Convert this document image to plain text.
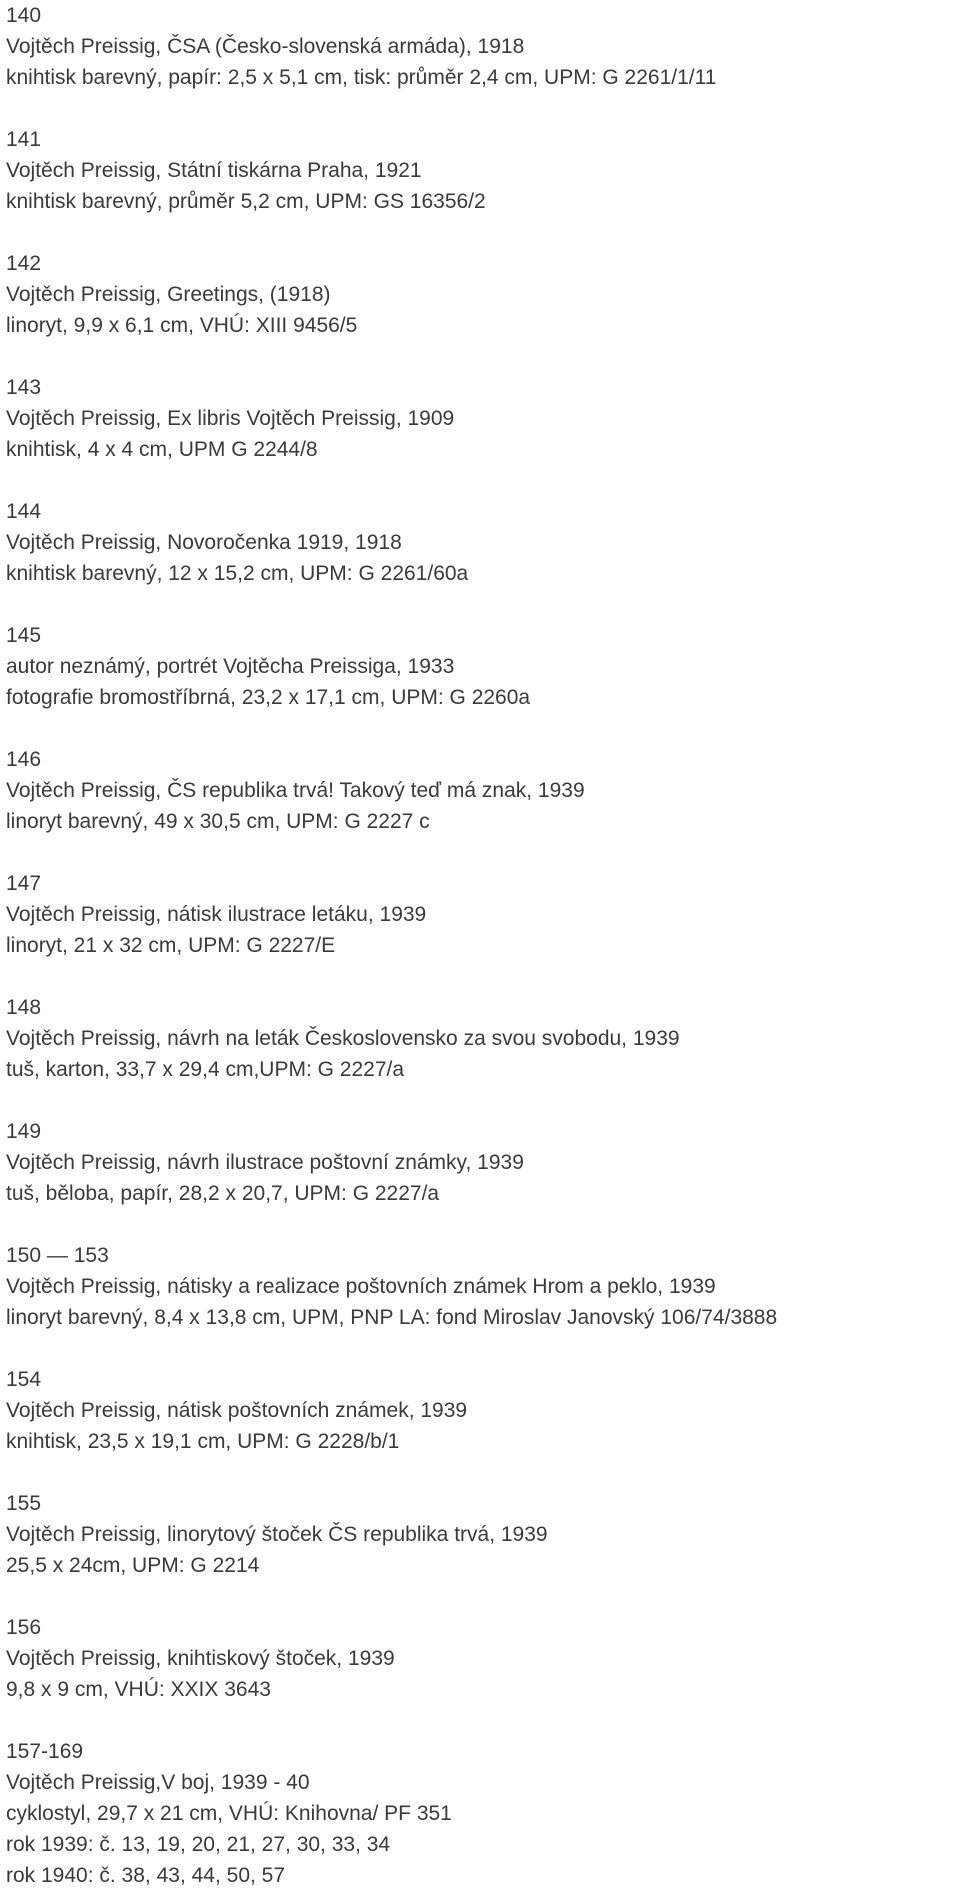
140
Vojtěch Preissig, ČSA (Česko-slovenská armáda), 1918
knihtisk barevný, papír: 2,5 x 5,1 cm, tisk: průměr 2,4 cm, UPM: G 2261/1/11
141
Vojtěch Preissig, Státní tiskárna Praha, 1921
knihtisk barevný, průměr 5,2 cm, UPM: GS 16356/2
142
Vojtěch Preissig, Greetings, (1918)
linoryt, 9,9 x 6,1 cm, VHÚ: XIII 9456/5
143
Vojtěch Preissig, Ex libris Vojtěch Preissig, 1909
knihtisk, 4 x 4 cm, UPM G 2244/8
144
Vojtěch Preissig, Novoročenka 1919, 1918
knihtisk barevný, 12 x 15,2 cm, UPM: G 2261/60a
145
autor neznámý, portrét Vojtěcha Preissiga, 1933
fotografie bromostříbrná, 23,2 x 17,1 cm, UPM: G 2260a
146
Vojtěch Preissig, ČS republika trvá! Takový teď má znak, 1939
linoryt barevný, 49 x 30,5 cm, UPM: G 2227 c
147
Vojtěch Preissig, nátisk ilustrace letáku, 1939
linoryt, 21 x 32 cm, UPM: G 2227/E
148
Vojtěch Preissig, návrh na leták Československo za svou svobodu, 1939
tuš, karton, 33,7 x 29,4 cm,UPM: G 2227/a
149
Vojtěch Preissig, návrh ilustrace poštovní známky, 1939
tuš, běloba, papír, 28,2 x 20,7, UPM: G 2227/a
150 — 153
Vojtěch Preissig, nátisky a realizace poštovních známek Hrom a peklo, 1939
linoryt barevný, 8,4 x 13,8 cm, UPM, PNP LA: fond Miroslav Janovský 106/74/3888
154
Vojtěch Preissig, nátisk poštovních známek, 1939
knihtisk, 23,5 x 19,1 cm, UPM: G 2228/b/1
155
Vojtěch Preissig, linorytový štoček ČS republika trvá, 1939
25,5 x 24cm, UPM: G 2214
156
Vojtěch Preissig, knihtiskový štoček, 1939
9,8 x 9 cm, VHÚ: XXIX 3643
157-169
Vojtěch Preissig,V boj, 1939 - 40
cyklostyl, 29,7 x 21 cm, VHÚ: Knihovna/ PF 351
rok 1939: č. 13, 19, 20, 21, 27, 30, 33, 34
rok 1940: č. 38, 43, 44, 50, 57
